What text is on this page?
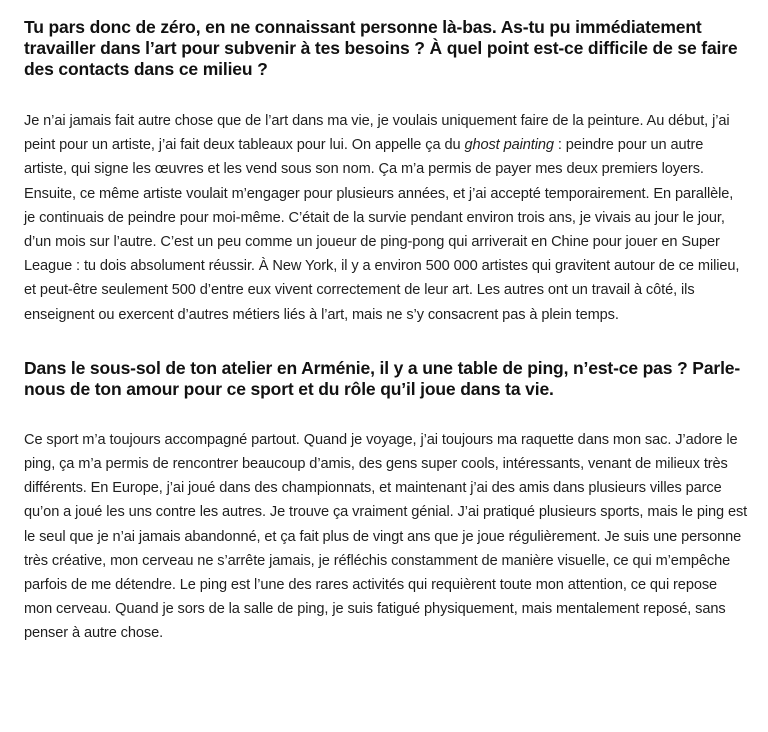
Tu pars donc de zéro, en ne connaissant personne là-bas. As-tu pu immédiatement travailler dans l’art pour subvenir à tes besoins ? À quel point est-ce difficile de se faire des contacts dans ce milieu ?

Je n’ai jamais fait autre chose que de l’art dans ma vie, je voulais uniquement faire de la peinture. Au début, j’ai peint pour un artiste, j’ai fait deux tableaux pour lui. On appelle ça du ghost painting : peindre pour un autre artiste, qui signe les œuvres et les vend sous son nom. Ça m’a permis de payer mes deux premiers loyers. Ensuite, ce même artiste voulait m’engager pour plusieurs années, et j’ai accepté temporairement. En parallèle, je continuais de peindre pour moi-même. C’était de la survie pendant environ trois ans, je vivais au jour le jour, d’un mois sur l’autre. C’est un peu comme un joueur de ping-pong qui arriverait en Chine pour jouer en Super League : tu dois absolument réussir. À New York, il y a environ 500 000 artistes qui gravitent autour de ce milieu, et peut-être seulement 500 d’entre eux vivent correctement de leur art. Les autres ont un travail à côté, ils enseignent ou exercent d’autres métiers liés à l’art, mais ne s’y consacrent pas à plein temps.

Dans le sous-sol de ton atelier en Arménie, il y a une table de ping, n’est-ce pas ? Parle-nous de ton amour pour ce sport et du rôle qu’il joue dans ta vie.

Ce sport m’a toujours accompagné partout. Quand je voyage, j’ai toujours ma raquette dans mon sac. J’adore le ping, ça m’a permis de rencontrer beaucoup d’amis, des gens super cools, intéressants, venant de milieux très différents. En Europe, j’ai joué dans des championnats, et maintenant j’ai des amis dans plusieurs villes parce qu’on a joué les uns contre les autres. Je trouve ça vraiment génial. J’ai pratiqué plusieurs sports, mais le ping est le seul que je n’ai jamais abandonné, et ça fait plus de vingt ans que je joue régulièrement. Je suis une personne très créative, mon cerveau ne s’arrête jamais, je réfléchis constamment de manière visuelle, ce qui m’empêche parfois de me détendre. Le ping est l’une des rares activités qui requièrent toute mon attention, ce qui repose mon cerveau. Quand je sors de la salle de ping, je suis fatigué physiquement, mais mentalement reposé, sans penser à autre chose.
